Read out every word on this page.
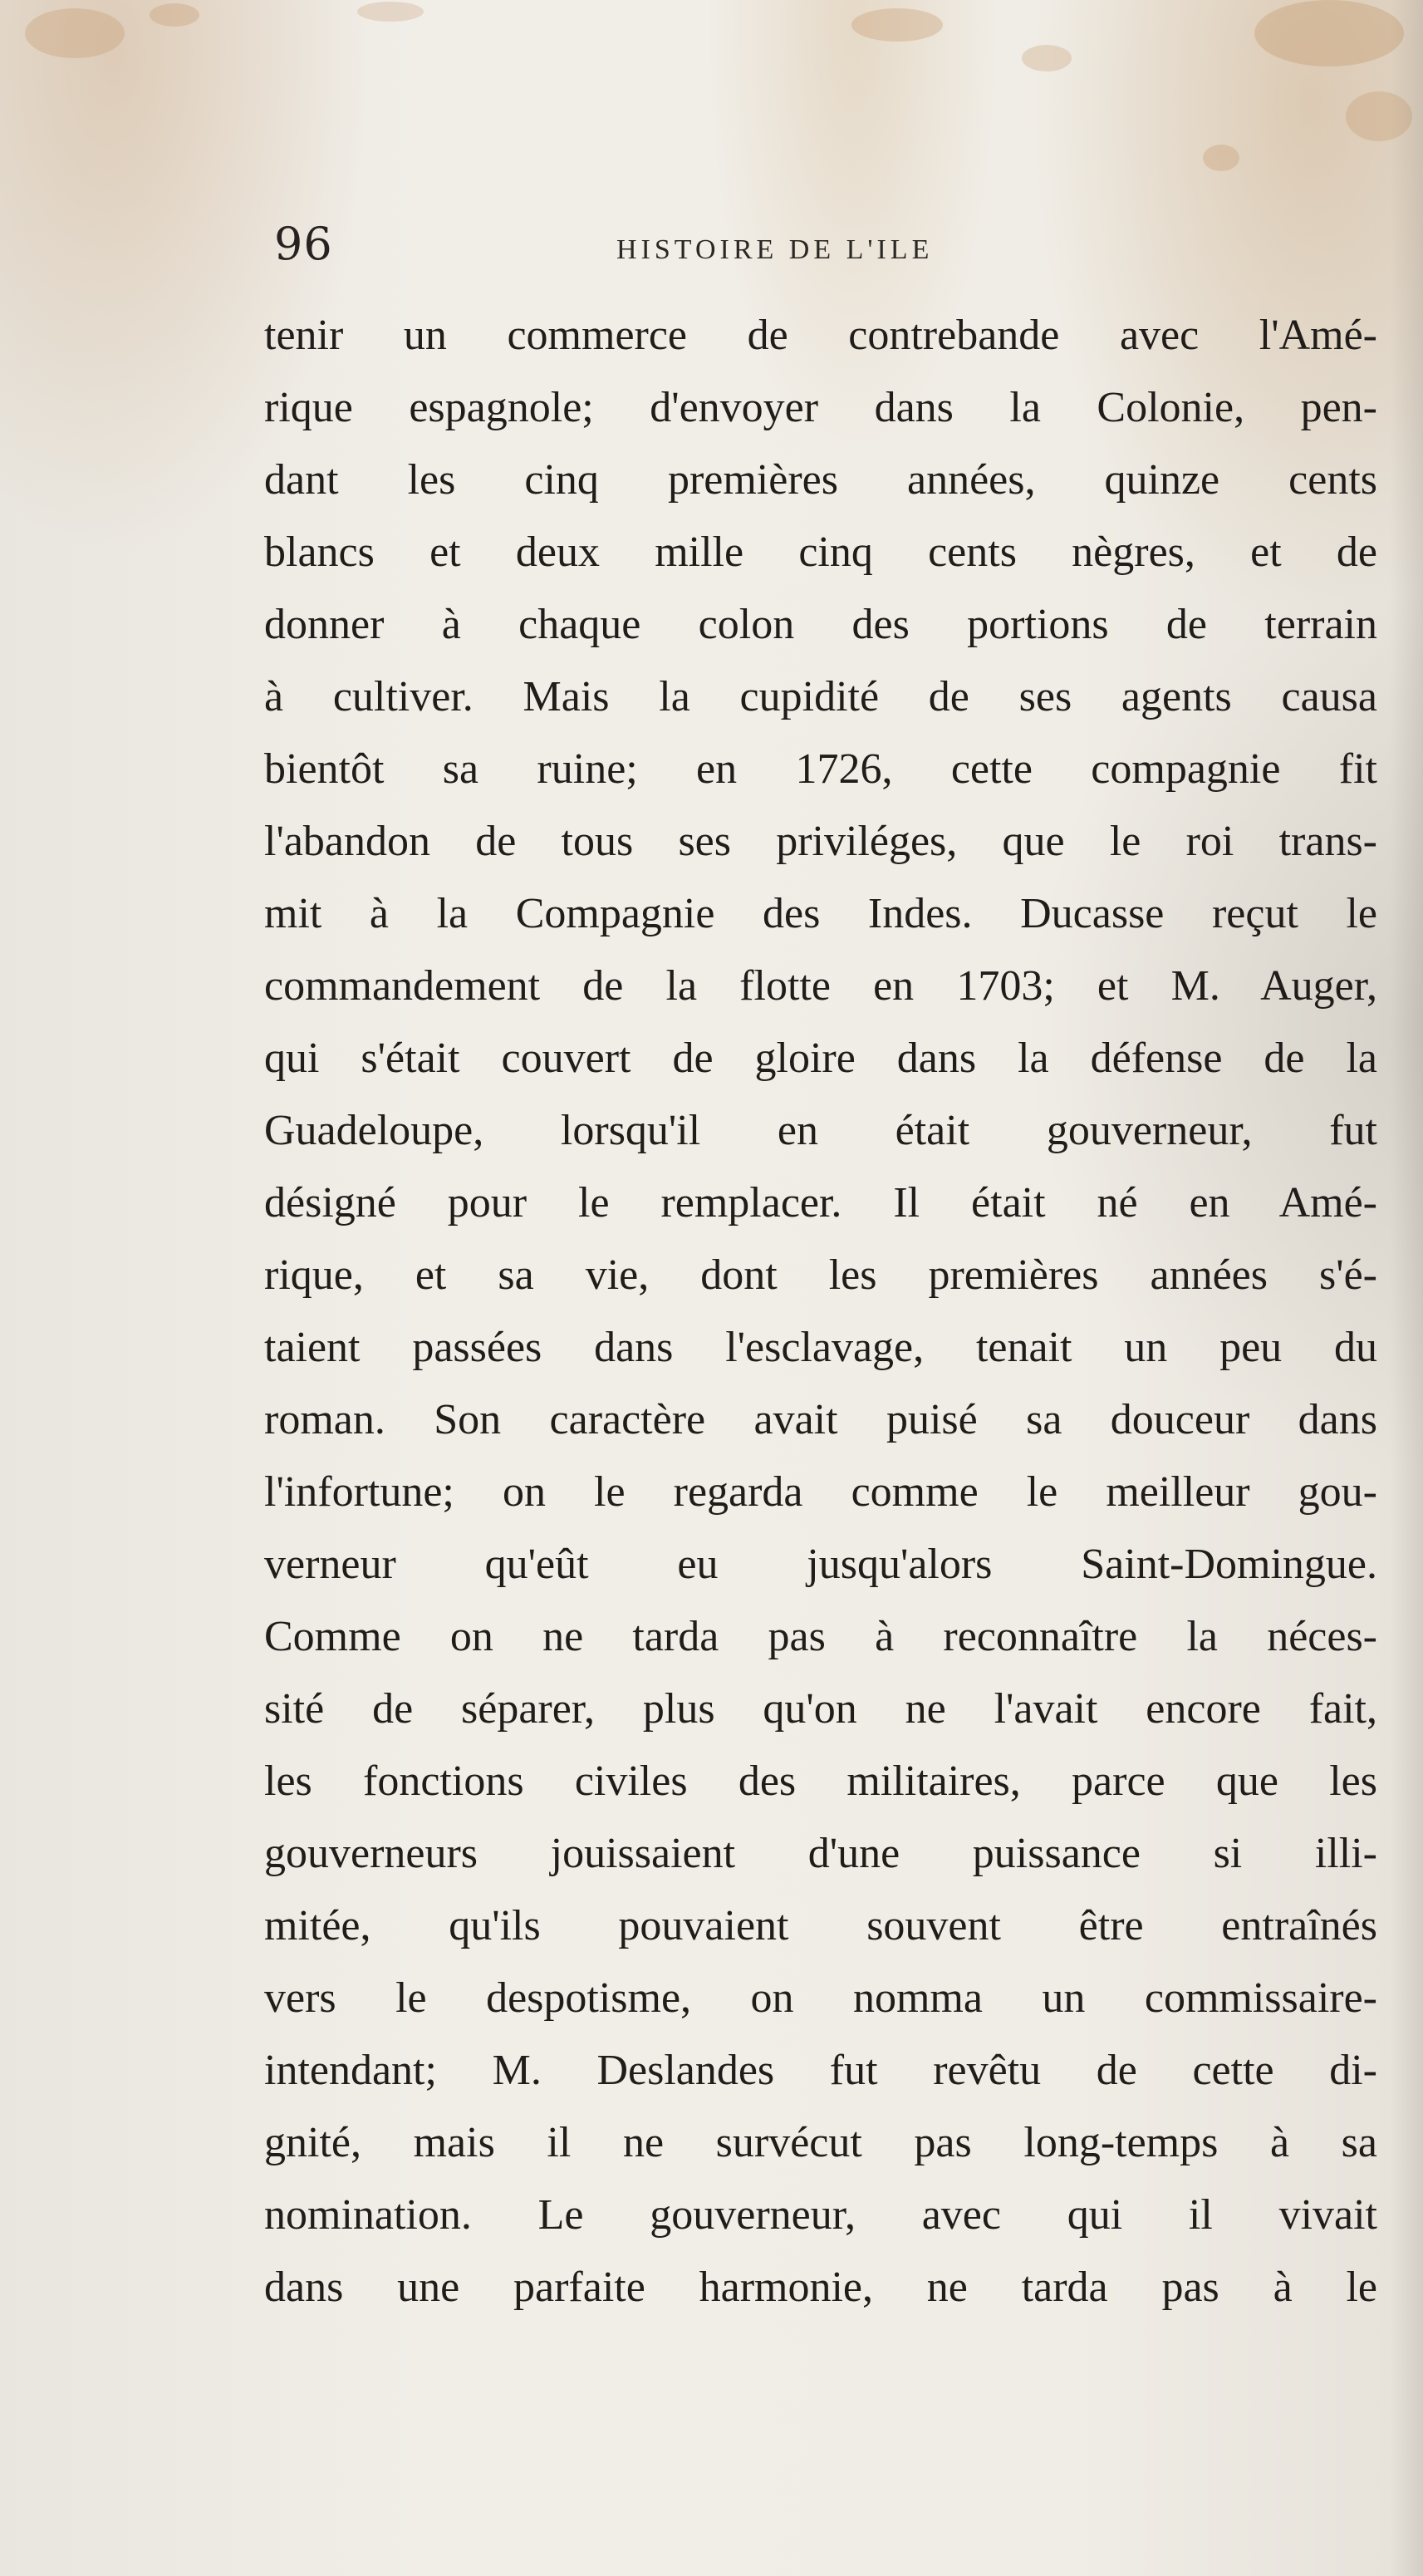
96	HISTOIRE DE L'ILE
tenir un commerce de contrebande avec l'Amé-
rique espagnole; d'envoyer dans la Colonie, pen-
dant les cinq premières années, quinze cents
blancs et deux mille cinq cents nègres, et de
donner à chaque colon des portions de terrain
à cultiver. Mais la cupidité de ses agents causa
bientôt sa ruine; en 1726, cette compagnie fit
l'abandon de tous ses priviléges, que le roi trans-
mit à la Compagnie des Indes. Ducasse reçut le
commandement de la flotte en 1703; et M. Auger,
qui s'était couvert de gloire dans la défense de la
Guadeloupe, lorsqu'il en était gouverneur, fut
désigné pour le remplacer. Il était né en Amé-
rique, et sa vie, dont les premières années s'é-
taient passées dans l'esclavage, tenait un peu du
roman. Son caractère avait puisé sa douceur dans
l'infortune; on le regarda comme le meilleur gou-
verneur qu'eût eu jusqu'alors Saint-Domingue.
Comme on ne tarda pas à reconnaître la néces-
sité de séparer, plus qu'on ne l'avait encore fait,
les fonctions civiles des militaires, parce que les
gouverneurs jouissaient d'une puissance si illi-
mitée, qu'ils pouvaient souvent être entraînés
vers le despotisme, on nomma un commissaire-
intendant; M. Deslandes fut revêtu de cette di-
gnité, mais il ne survécut pas long-temps à sa
nomination. Le gouverneur, avec qui il vivait
dans une parfaite harmonie, ne tarda pas à le
